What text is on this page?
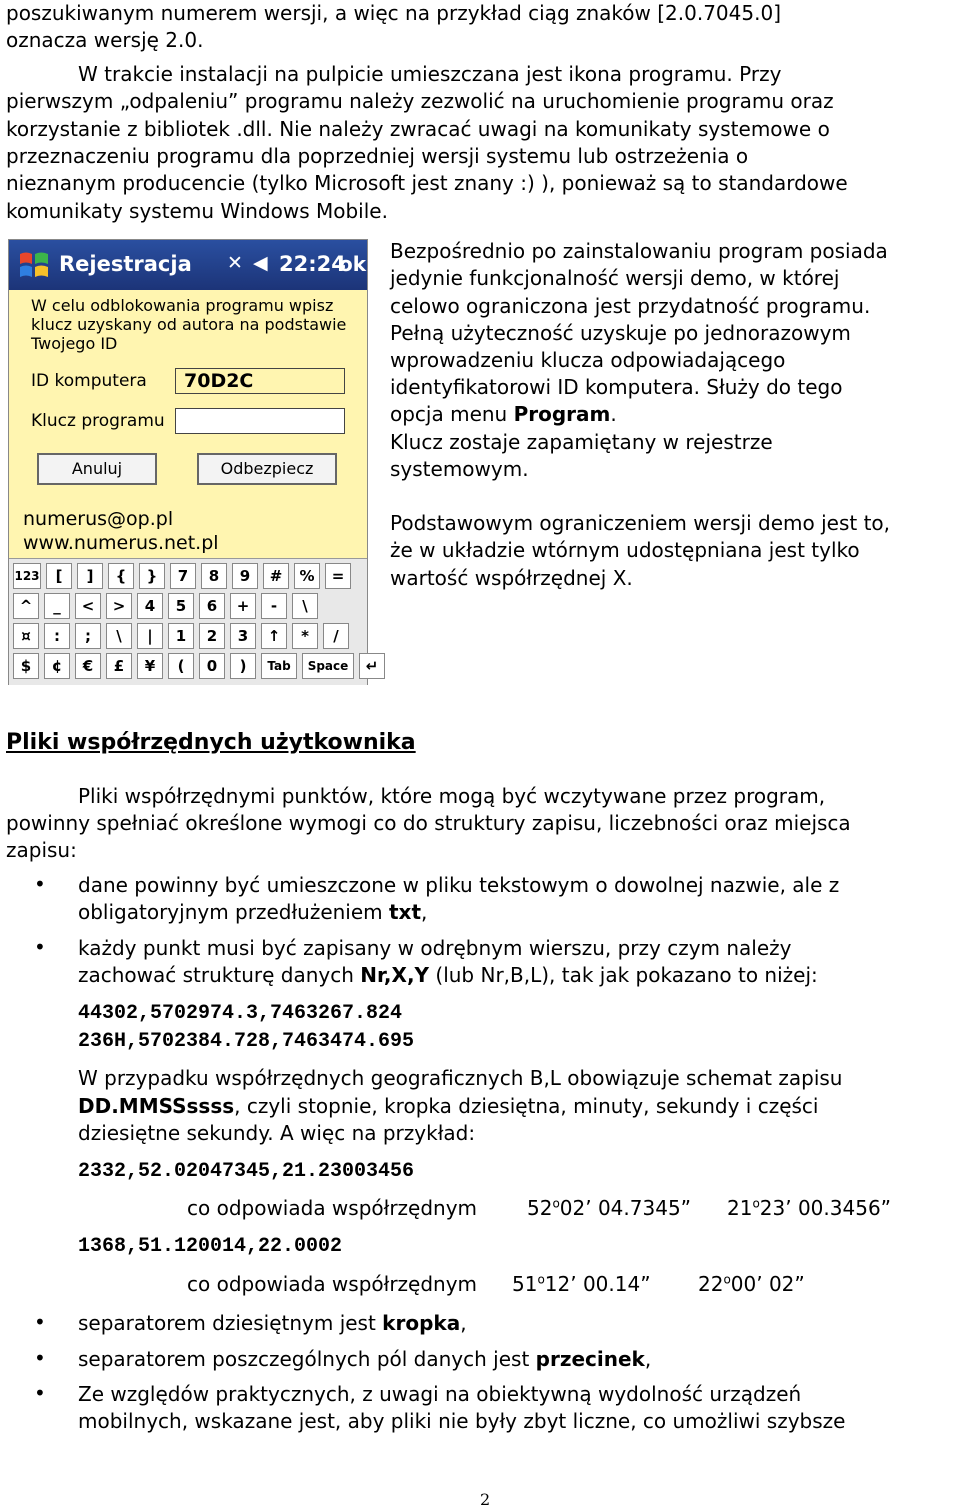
poszukiwanym numerem wersji, a więc na przykład ciąg znaków [2.0.7045.0]

oznacza wersję 2.0.

W trakcie instalacji na pulpicie umieszczana jest ikona programu. Przy

pierwszym „odpaleniu” programu należy zezwolić na uruchomienie programu oraz

korzystanie z bibliotek .dll. Nie należy zwracać uwagi na komunikaty systemowe o

przeznaczeniu programu dla poprzedniej wersji systemu lub ostrzeżenia o

nieznanym producencie (tylko Microsoft jest znany :) ), ponieważ są to standardowe

komunikaty systemu Windows Mobile.

Rejestracja ✕ ◀ 22:24
ok
W celu odblokowania programu wpisz
klucz uzyskany od autora na podstawie
Twojego ID
ID komputera	70D2C
Klucz programu
Anuluj	Odbezpiecz
numerus@op.pl
www.numerus.net.pl
123	[	]	{	}	7	8	9	#	%	=
^	_	<	>	4	5	6	+	-	\
¤	:	;	\	|	1	2	3	↑	*	/
$	¢	€	£	¥	(	0	)	Tab	Space	↵

Bezpośrednio po zainstalowaniu program posiada

jedynie funkcjonalność wersji demo, w której

celowo ograniczona jest przydatność programu.

Pełną użyteczność uzyskuje po jednorazowym

wprowadzeniu klucza odpowiadającego

identyfikatorowi ID komputera. Służy do tego

opcja menu Program.

Klucz zostaje zapamiętany w rejestrze

systemowym.

Podstawowym ograniczeniem wersji demo jest to,

że w układzie wtórnym udostępniana jest tylko

wartość współrzędnej X.

Pliki współrzędnych użytkownika

Pliki współrzędnymi punktów, które mogą być wczytywane przez program,

powinny spełniać określone wymogi co do struktury zapisu, liczebności oraz miejsca

zapisu:

• dane powinny być umieszczone w pliku tekstowym o dowolnej nazwie, ale z

obligatoryjnym przedłużeniem txt,

• każdy punkt musi być zapisany w odrębnym wierszu, przy czym należy

zachować strukturę danych Nr,X,Y (lub Nr,B,L), tak jak pokazano to niżej:

44302,5702974.3,7463267.824

236H,5702384.728,7463474.695

W przypadku współrzędnych geograficznych B,L obowiązuje schemat zapisu

DD.MMSSssss, czyli stopnie, kropka dziesiętna, minuty, sekundy i części

dziesiętne sekundy. A więc na przykład:

2332,52.02047345,21.23003456

co odpowiada współrzędnym 52$^o$02’ 04.7345” 21$^o$23’ 00.3456”

1368,51.120014,22.0002

co odpowiada współrzędnym 51$^o$12’ 00.14” 22$^o$00’ 02”

• separatorem dziesiętnym jest kropka,

• separatorem poszczególnych pól danych jest przecinek,

• Ze względów praktycznych, z uwagi na obiektywną wydolność urządzeń

mobilnych, wskazane jest, aby pliki nie były zbyt liczne, co umożliwi szybsze

2
